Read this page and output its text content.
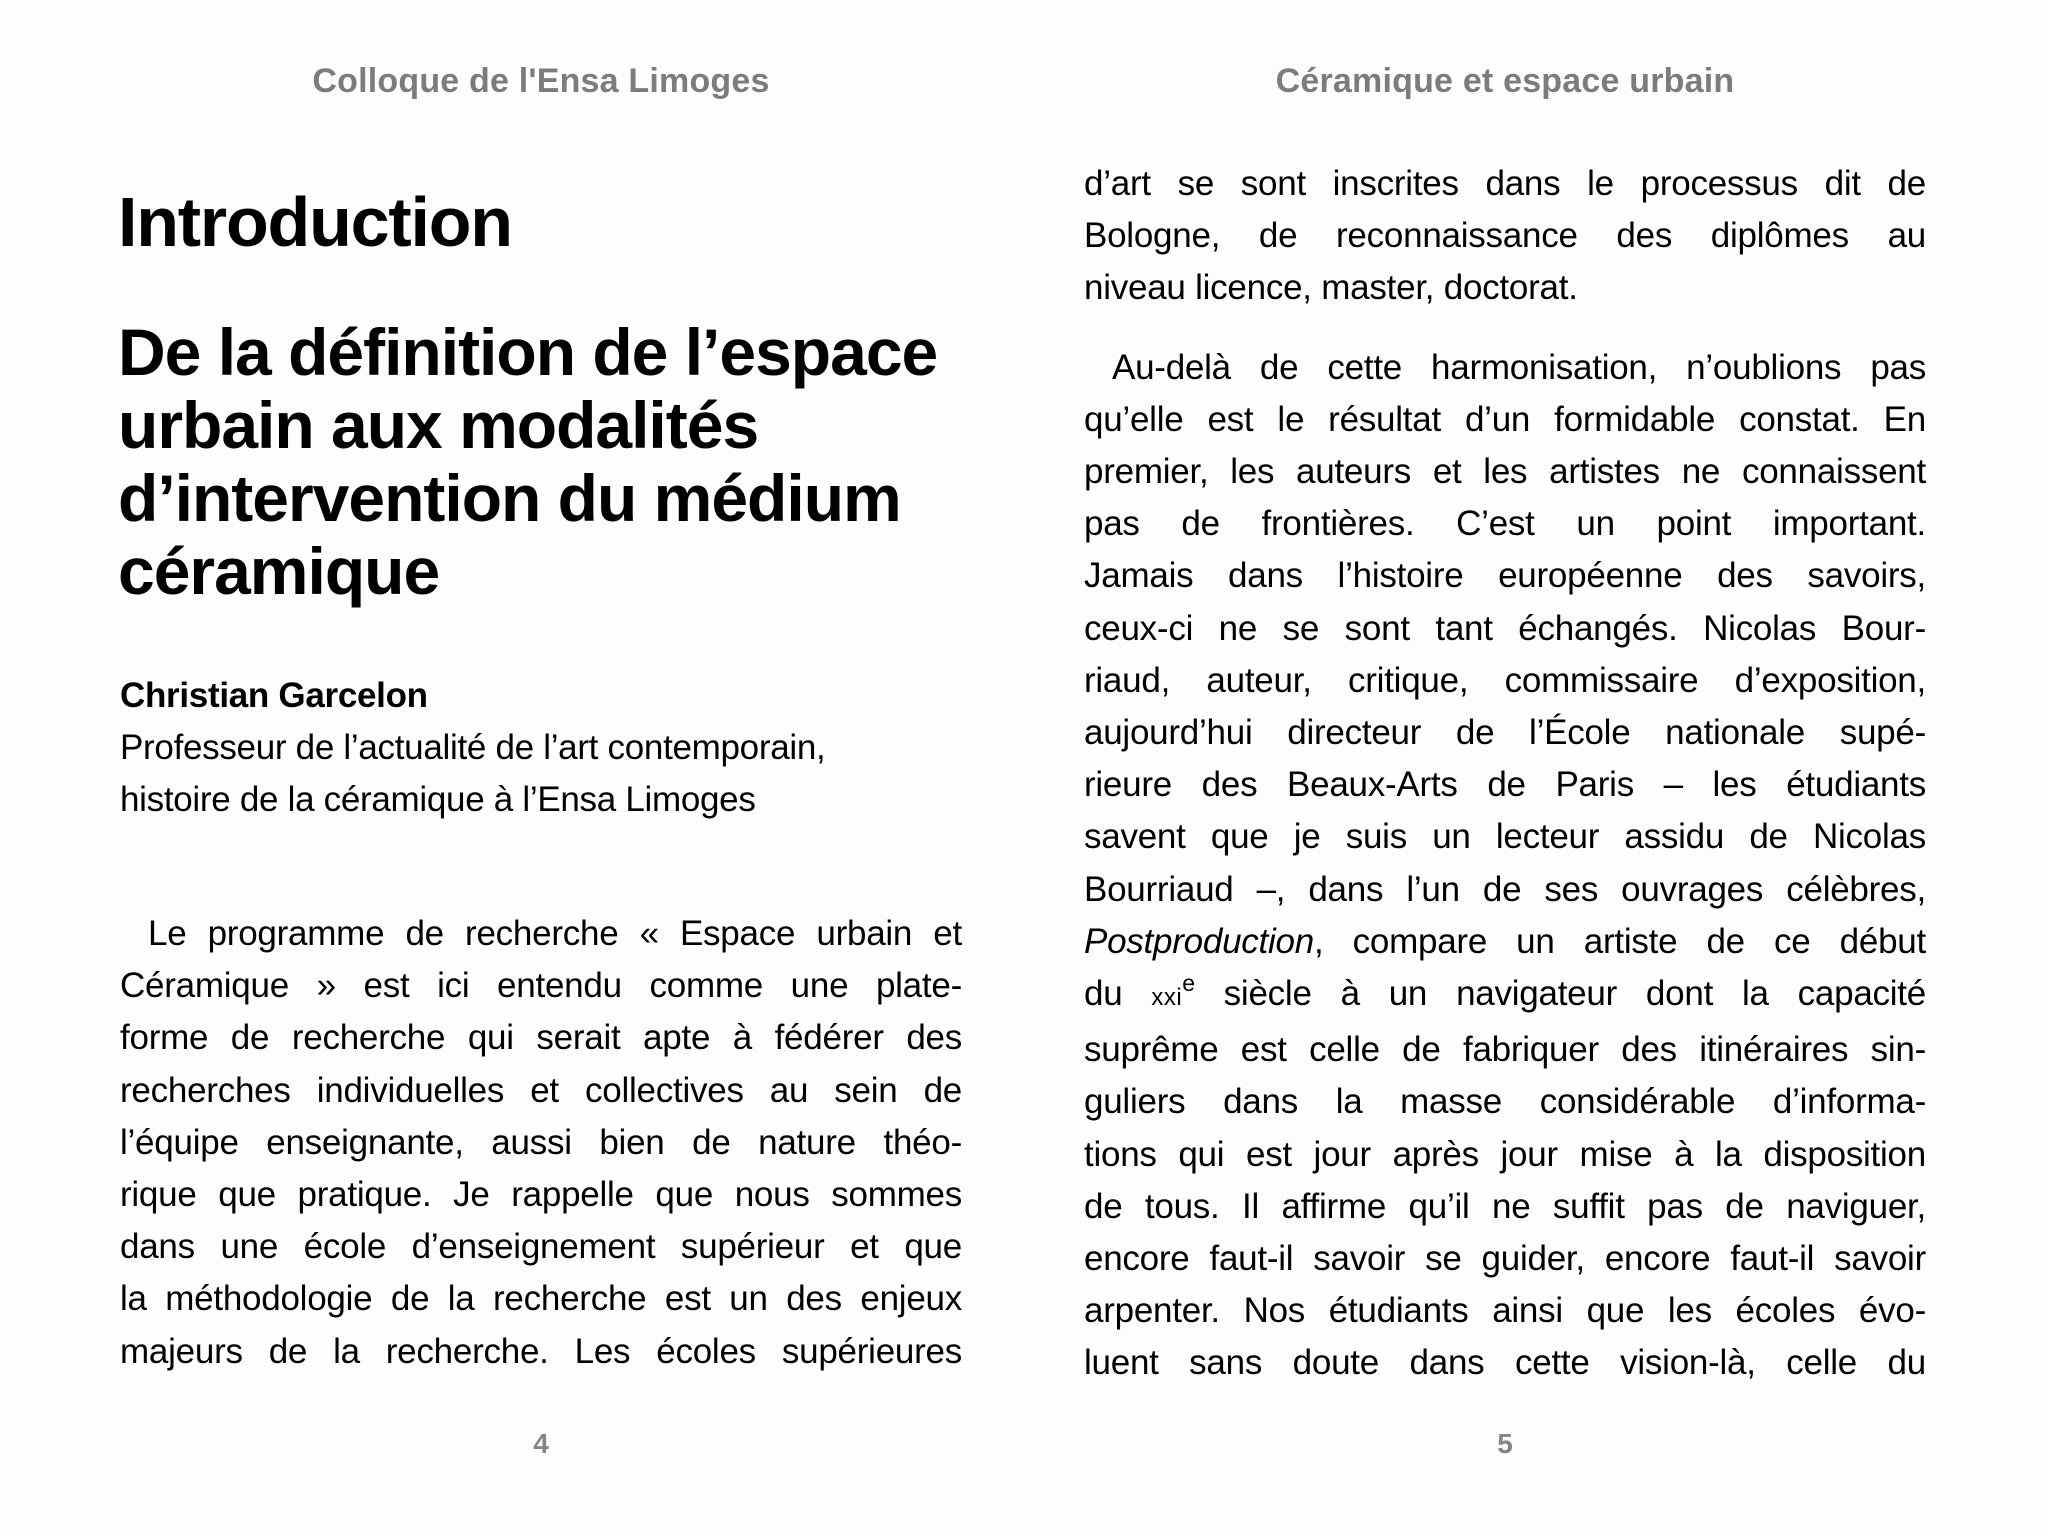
Colloque de l'Ensa Limoges
Introduction
De la définition de l’espace
urbain aux modalités
d’intervention du médium
céramique
Christian Garcelon
Professeur de l’actualité de l’art contemporain,
histoire de la céramique à l’Ensa Limoges

Le programme de recherche « Espace urbain et
Céramique » est ici entendu comme une plate-
forme de recherche qui serait apte à fédérer des
recherches individuelles et collectives au sein de
l’équipe enseignante, aussi bien de nature théo-
rique que pratique. Je rappelle que nous sommes
dans une école d’enseignement supérieur et que
la méthodologie de la recherche est un des enjeux
majeurs de la recherche. Les écoles supérieures

4
Céramique et espace urbain

d’art se sont inscrites dans le processus dit de
Bologne, de reconnaissance des diplômes au
niveau licence, master, doctorat.

Au-delà de cette harmonisation, n’oublions pas
qu’elle est le résultat d’un formidable constat. En
premier, les auteurs et les artistes ne connaissent
pas de frontières. C’est un point important.
Jamais dans l’histoire européenne des savoirs,
ceux-ci ne se sont tant échangés. Nicolas Bour-
riaud, auteur, critique, commissaire d’exposition,
aujourd’hui directeur de l’École nationale supé-
rieure des Beaux-Arts de Paris – les étudiants
savent que je suis un lecteur assidu de Nicolas
Bourriaud –, dans l’un de ses ouvrages célèbres,
Postproduction, compare un artiste de ce début
du xxi$^e$ siècle à un navigateur dont la capacité
suprême est celle de fabriquer des itinéraires sin-
guliers dans la masse considérable d’informa-
tions qui est jour après jour mise à la disposition
de tous. Il affirme qu’il ne suffit pas de naviguer,
encore faut-il savoir se guider, encore faut-il savoir
arpenter. Nos étudiants ainsi que les écoles évo-
luent sans doute dans cette vision-là, celle du

5
